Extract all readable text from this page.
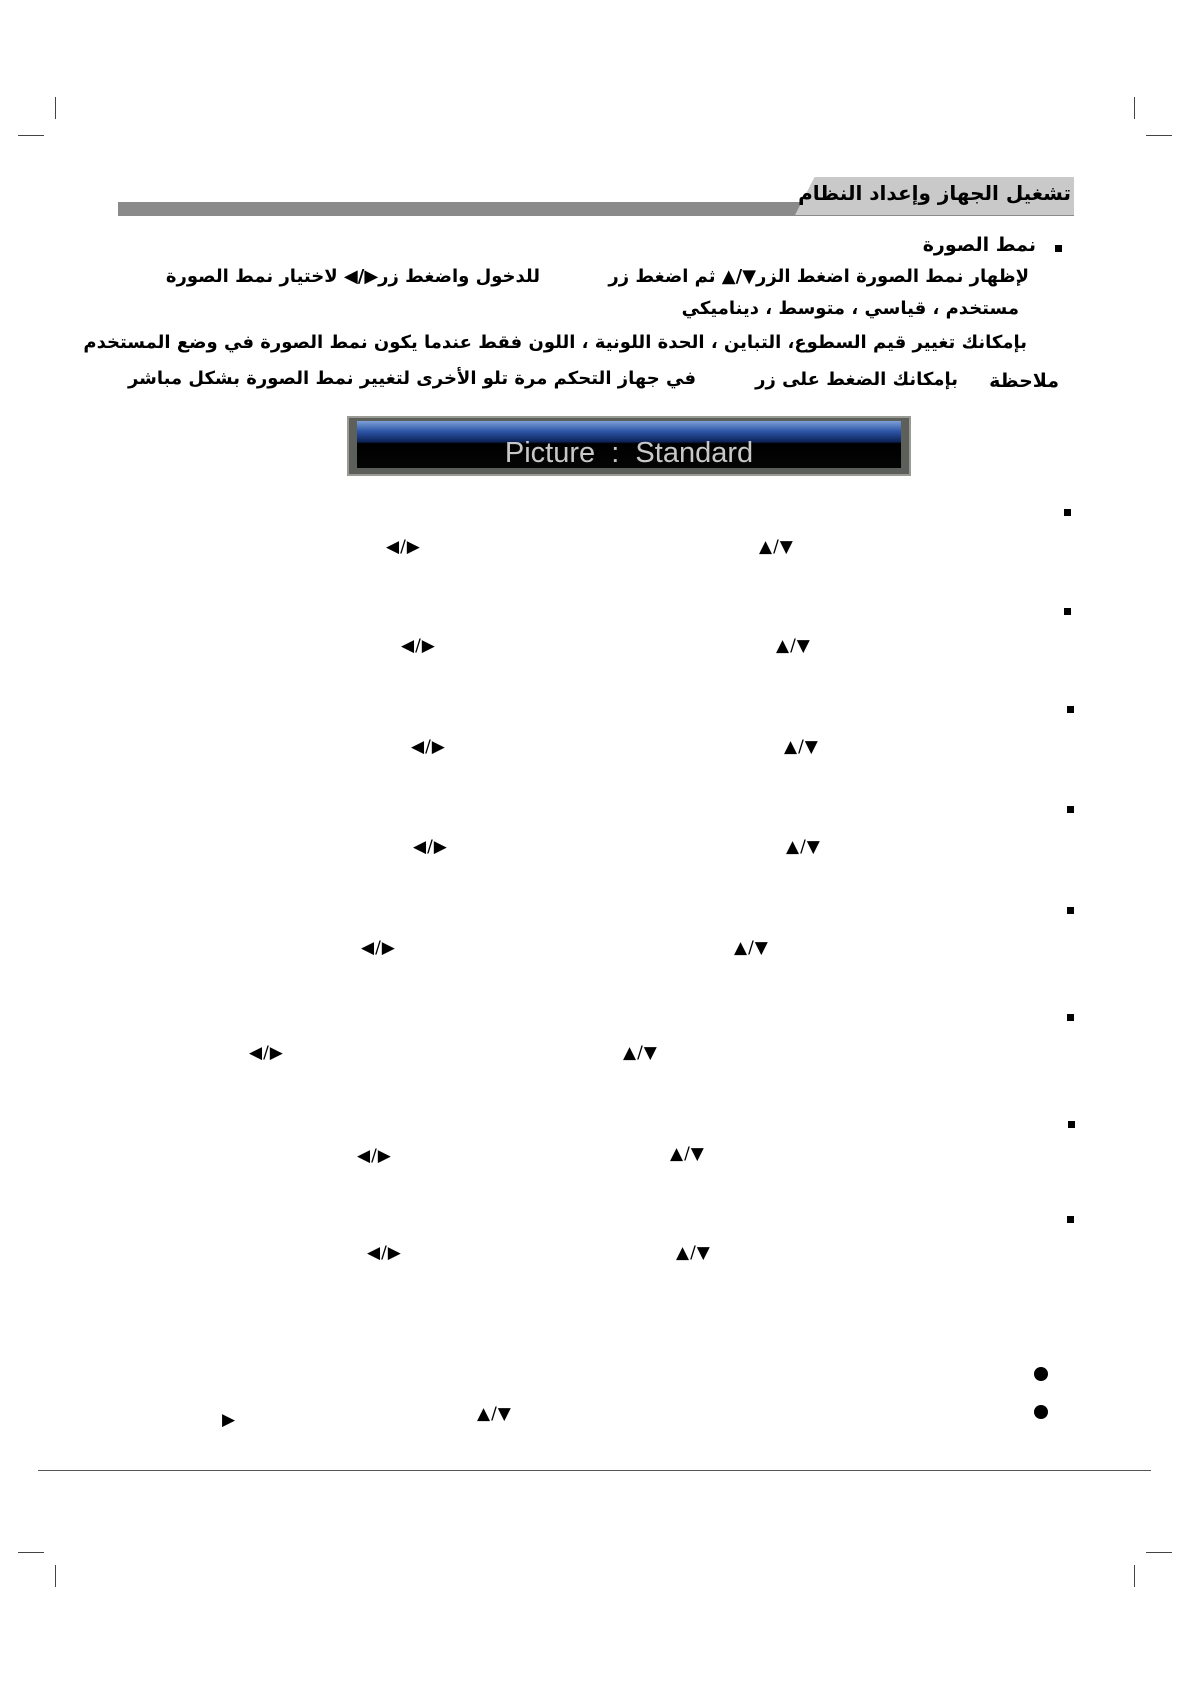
تشغيل الجهاز وإعداد النظام
نمط الصورة
لإظهار نمط الصورة اضغط الزر▼/▲ ثم اضغط زر
للدخول واضغط زر▶/◀ لاختيار نمط الصورة
مستخدم ، قياسي ، متوسط ، ديناميكي
بإمكانك تغيير قيم السطوع، التباين ، الحدة اللونية ، اللون فقط عندما يكون نمط الصورة في وضع المستخدم
ملاحظة
بإمكانك الضغط على زر
في جهاز التحكم مرة تلو الأخرى لتغيير نمط الصورة بشكل مباشر
Picture  :  Standard
◀/▶	▲/▼
◀/▶	▲/▼
◀/▶	▲/▼
◀/▶	▲/▼
◀/▶	▲/▼
◀/▶	▲/▼
◀/▶	▲/▼
◀/▶	▲/▼
▲/▼
▶
